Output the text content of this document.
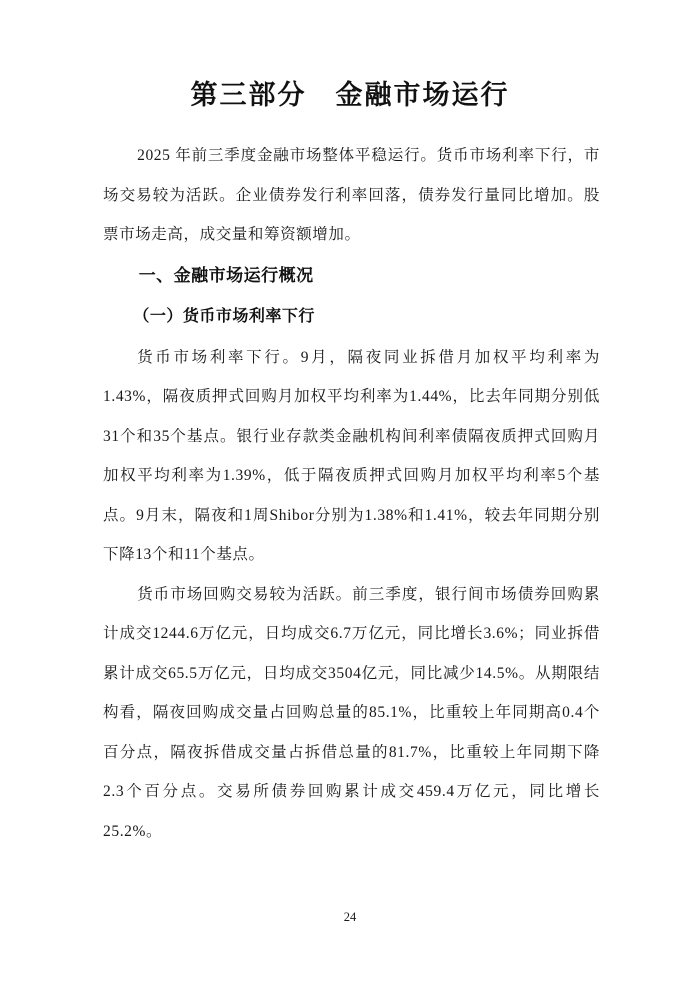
第三部分　金融市场运行

2025 年前三季度金融市场整体平稳运行。货币市场利率下行，市场交易较为活跃。企业债券发行利率回落，债券发行量同比增加。股票市场走高，成交量和筹资额增加。

一、金融市场运行概况
（一）货币市场利率下行

货币市场利率下行。9月，隔夜同业拆借月加权平均利率为1.43%，隔夜质押式回购月加权平均利率为1.44%，比去年同期分别低31个和35个基点。银行业存款类金融机构间利率债隔夜质押式回购月加权平均利率为1.39%，低于隔夜质押式回购月加权平均利率5个基点。9月末，隔夜和1周Shibor分别为1.38%和1.41%，较去年同期分别下降13个和11个基点。

货币市场回购交易较为活跃。前三季度，银行间市场债券回购累计成交1244.6万亿元，日均成交6.7万亿元，同比增长3.6%；同业拆借累计成交65.5万亿元，日均成交3504亿元，同比减少14.5%。从期限结构看，隔夜回购成交量占回购总量的85.1%，比重较上年同期高0.4个百分点，隔夜拆借成交量占拆借总量的81.7%，比重较上年同期下降2.3个百分点。交易所债券回购累计成交459.4万亿元，同比增长25.2%。

24
